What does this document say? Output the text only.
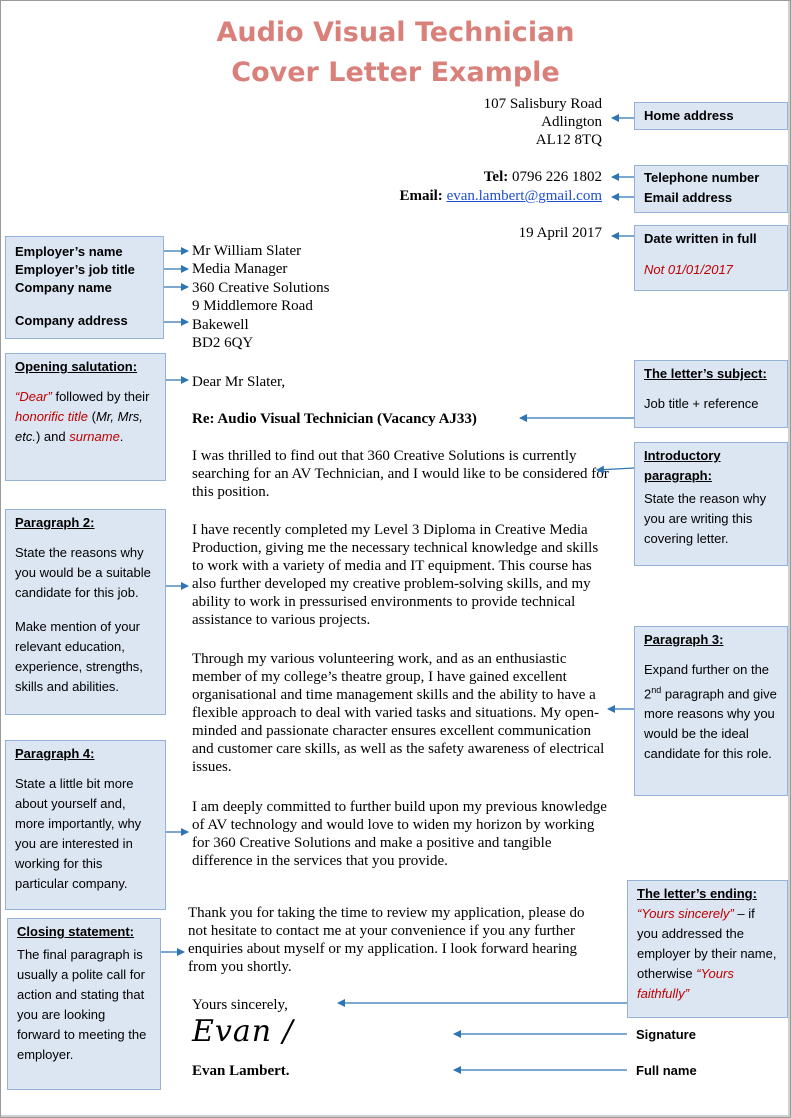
Audio Visual Technician
Cover Letter Example
107 Salisbury Road
Adlington
AL12 8TQ
Tel: 0796 226 1802
Email: evan.lambert@gmail.com
19 April 2017
Mr William Slater
Media Manager
360 Creative Solutions
9 Middlemore Road
Bakewell
BD2 6QY
Dear Mr Slater,
Re: Audio Visual Technician (Vacancy AJ33)
I was thrilled to find out that 360 Creative Solutions is currently searching for an AV Technician, and I would like to be considered for this position.
I have recently completed my Level 3 Diploma in Creative Media Production, giving me the necessary technical knowledge and skills to work with a variety of media and IT equipment. This course has also further developed my creative problem-solving skills, and my ability to work in pressurised environments to provide technical assistance to various projects.
Through my various volunteering work, and as an enthusiastic member of my college’s theatre group, I have gained excellent organisational and time management skills and the ability to have a flexible approach to deal with varied tasks and situations. My open-minded and passionate character ensures excellent communication and customer care skills, as well as the safety awareness of electrical issues.
I am deeply committed to further build upon my previous knowledge of AV technology and would love to widen my horizon by working for 360 Creative Solutions and make a positive and tangible difference in the services that you provide.
Thank you for taking the time to review my application, please do not hesitate to contact me at your convenience if you any further enquiries about myself or my application. I look forward hearing from you shortly.
Yours sincerely,
Evan /
Evan Lambert.
Home address
Telephone number
Email address
Date written in full
Not 01/01/2017
The letter’s subject:
Job title + reference
Introductory paragraph:
State the reason why you are writing this covering letter.
Paragraph 3:
Expand further on the 2nd paragraph and give more reasons why you would be the ideal candidate for this role.
The letter’s ending:
“Yours sincerely” – if you addressed the employer by their name, otherwise “Yours faithfully”
Signature
Full name
Employer’s name
Employer’s job title
Company name
Company address
Opening salutation:
“Dear” followed by their honorific title (Mr, Mrs, etc.) and surname.
Paragraph 2:
State the reasons why you would be a suitable candidate for this job.
Make mention of your relevant education, experience, strengths, skills and abilities.
Paragraph 4:
State a little bit more about yourself and, more importantly, why you are interested in working for this particular company.
Closing statement:
The final paragraph is usually a polite call for action and stating that you are looking forward to meeting the employer.
